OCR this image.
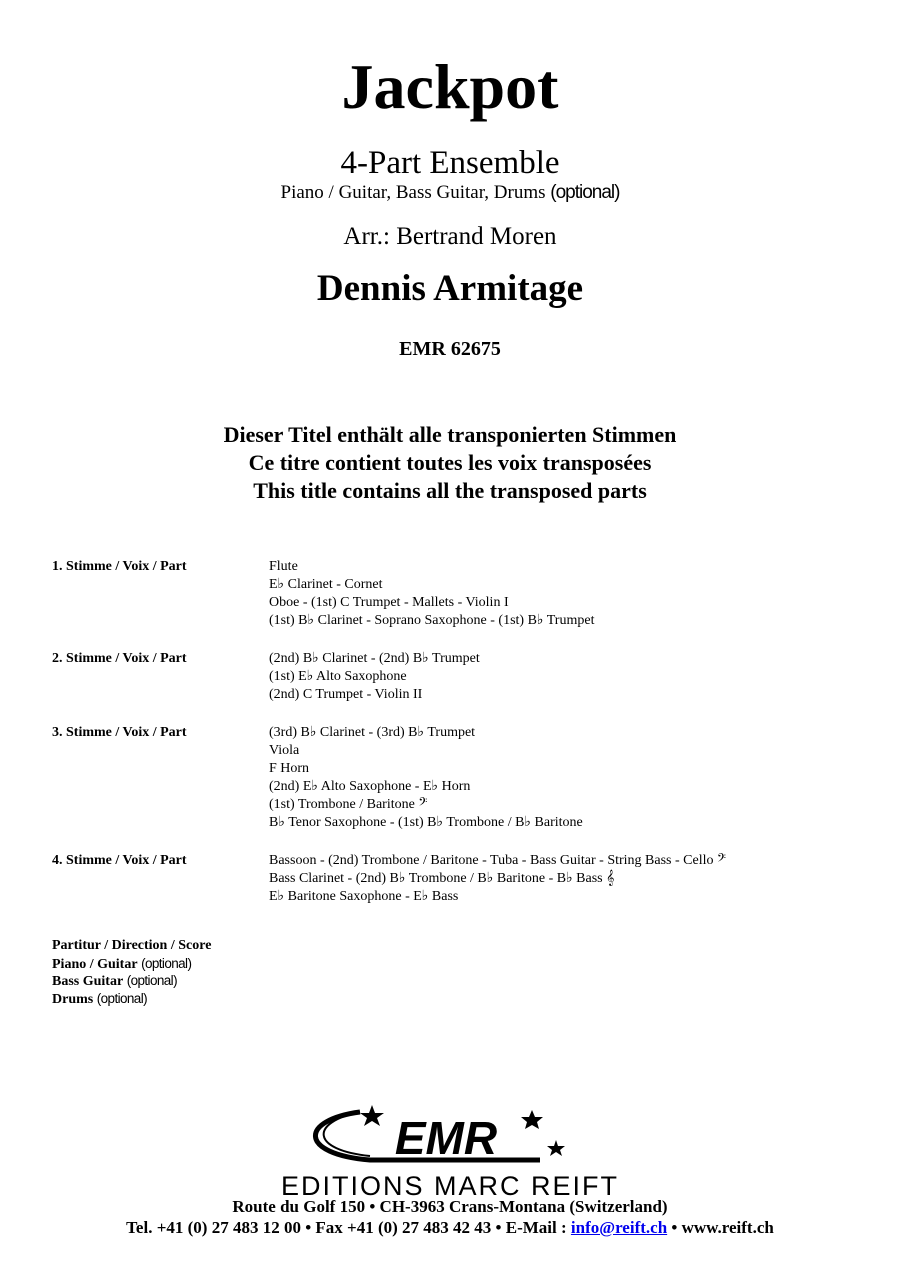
Jackpot
4-Part Ensemble
Piano / Guitar, Bass Guitar, Drums (optional)
Arr.: Bertrand Moren
Dennis Armitage
EMR 62675
Dieser Titel enthält alle transponierten Stimmen
Ce titre contient toutes les voix transposées
This title contains all the transposed parts
1. Stimme / Voix / Part	Flute
E♭ Clarinet - Cornet
Oboe - (1st) C Trumpet - Mallets - Violin I
(1st) B♭ Clarinet - Soprano Saxophone - (1st) B♭ Trumpet
2. Stimme / Voix / Part	(2nd) B♭ Clarinet - (2nd) B♭ Trumpet
(1st) E♭ Alto Saxophone
(2nd) C Trumpet - Violin II
3. Stimme / Voix / Part	(3rd) B♭ Clarinet - (3rd) B♭ Trumpet
Viola
F Horn
(2nd) E♭ Alto Saxophone - E♭ Horn
(1st) Trombone / Baritone 𝄢
B♭ Tenor Saxophone - (1st) B♭ Trombone / B♭ Baritone
4. Stimme / Voix / Part	Bassoon - (2nd) Trombone / Baritone - Tuba - Bass Guitar - String Bass - Cello 𝄢
Bass Clarinet - (2nd) B♭ Trombone / B♭ Baritone - B♭ Bass 𝄞
E♭ Baritone Saxophone - E♭ Bass
Partitur / Direction / Score
Piano / Guitar (optional)
Bass Guitar (optional)
Drums (optional)
EMR
EDITIONS MARC REIFT
Route du Golf 150 • CH-3963 Crans-Montana (Switzerland)
Tel. +41 (0) 27 483 12 00 • Fax +41 (0) 27 483 42 43 • E-Mail : info@reift.ch • www.reift.ch
